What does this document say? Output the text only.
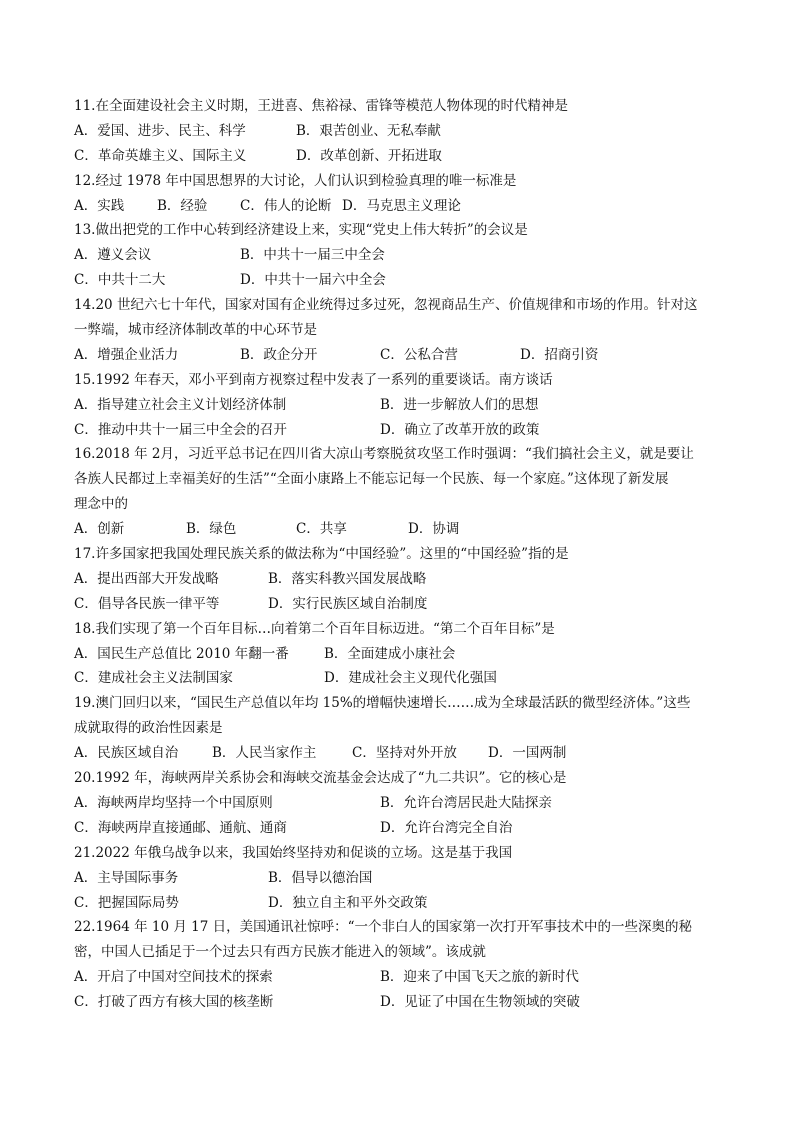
11.在全面建设社会主义时期，王进喜、焦裕禄、雷锋等模范人物体现的时代精神是
A．爱国、进步、民主、科学	B．艰苦创业、无私奉献
C．革命英雄主义、国际主义	D．改革创新、开拓进取
12.经过 1978 年中国思想界的大讨论，人们认识到检验真理的唯一标准是
A．实践 B．经验 C．伟人的论断 D．马克思主义理论
13.做出把党的工作中心转到经济建设上来，实现“党史上伟大转折”的会议是
A．遵义会议	B．中共十一届三中全会
C．中共十二大	D．中共十一届六中全会
14.20 世纪六七十年代，国家对国有企业统得过多过死，忽视商品生产、价值规律和市场的作用。针对这
一弊端，城市经济体制改革的中心环节是
A．增强企业活力	B．政企分开	C．公私合营	D．招商引资
15.1992 年春天，邓小平到南方视察过程中发表了一系列的重要谈话。南方谈话
A．指导建立社会主义计划经济体制	B．进一步解放人们的思想
C．推动中共十一届三中全会的召开	D．确立了改革开放的政策
16.2018 年 2月，习近平总书记在四川省大凉山考察脱贫攻坚工作时强调：“我们搞社会主义，就是要让
各族人民都过上幸福美好的生活”“全面小康路上不能忘记每一个民族、每一个家庭。”这体现了新发展
理念中的
A．创新	B．绿色	C．共享	D．协调
17.许多国家把我国处理民族关系的做法称为“中国经验”。这里的“中国经验”指的是
A．提出西部大开发战略	B．落实科教兴国发展战略
C．倡导各民族一律平等	D．实行民族区域自治制度
18.我们实现了第一个百年目标…向着第二个百年目标迈进。“第二个百年目标”是
A．国民生产总值比 2010 年翻一番	B．全面建成小康社会
C．建成社会主义法制国家	D．建成社会主义现代化强国
19.澳门回归以来，“国民生产总值以年均 15%的增幅快速增长……成为全球最活跃的微型经济体。”这些
成就取得的政治性因素是
A．民族区域自治	B．人民当家作主	C．坚持对外开放 D．一国两制
20.1992 年，海峡两岸关系协会和海峡交流基金会达成了“九二共识”。它的核心是
A．海峡两岸均坚持一个中国原则	B．允许台湾居民赴大陆探亲
C．海峡两岸直接通邮、通航、通商	D．允许台湾完全自治
21.2022 年俄乌战争以来，我国始终坚持劝和促谈的立场。这是基于我国
A．主导国际事务	B．倡导以德治国
C．把握国际局势	D．独立自主和平外交政策
22.1964 年 10 月 17 日，美国通讯社惊呼：“一个非白人的国家第一次打开军事技术中的一些深奥的秘
密，中国人已插足于一个过去只有西方民族才能进入的领域”。该成就
A．开启了中国对空间技术的探索	B．迎来了中国飞天之旅的新时代
C．打破了西方有核大国的核垄断	D．见证了中国在生物领域的突破
